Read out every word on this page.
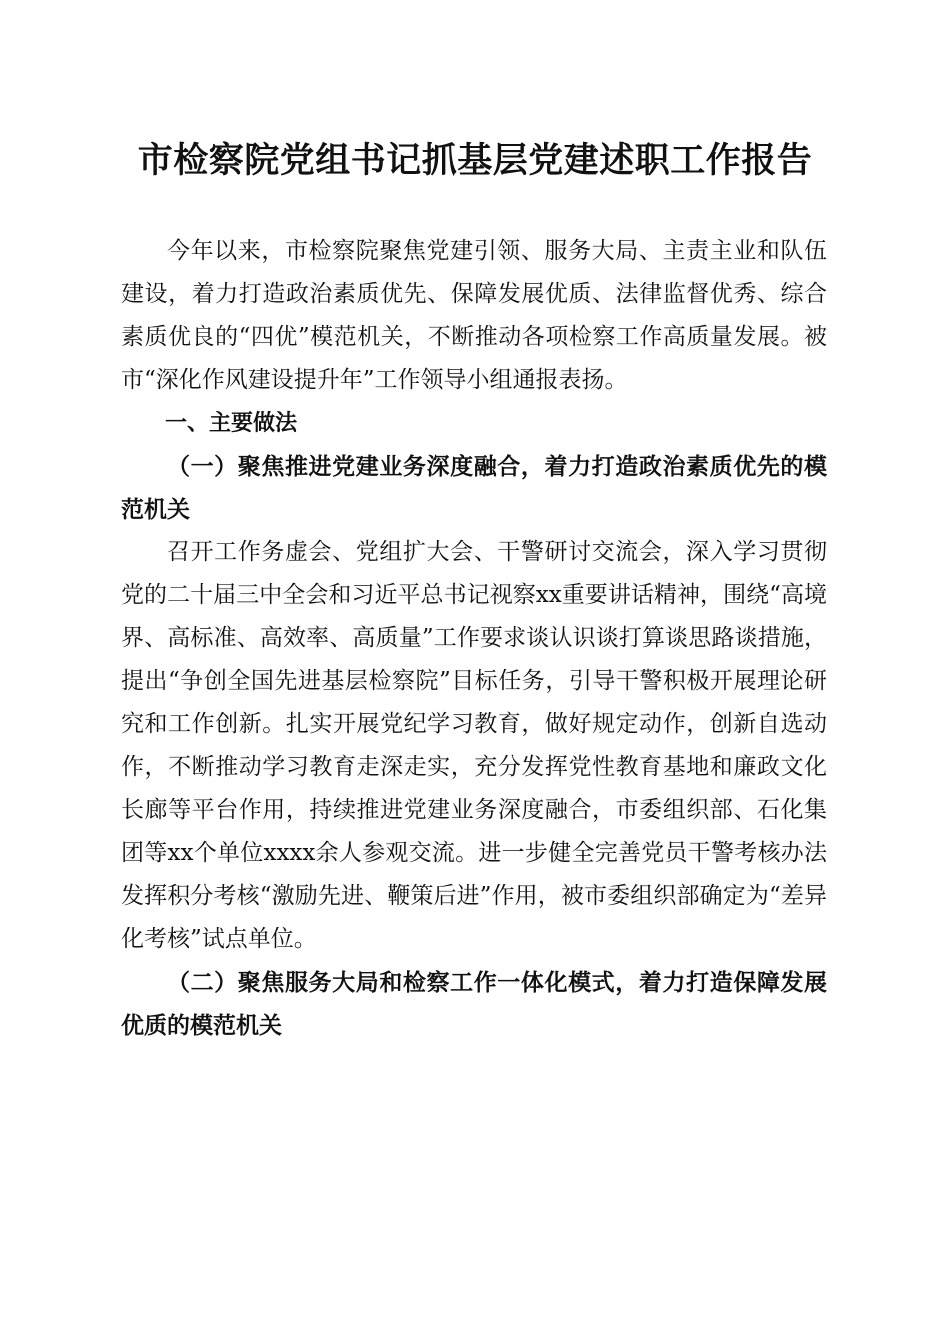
市检察院党组书记抓基层党建述职工作报告

今年以来，市检察院聚焦党建引领、服务大局、主责主业和队伍建设，着力打造政治素质优先、保障发展优质、法律监督优秀、综合素质优良的“四优”模范机关，不断推动各项检察工作高质量发展。被市“深化作风建设提升年”工作领导小组通报表扬。

一、主要做法

（一）聚焦推进党建业务深度融合，着力打造政治素质优先的模范机关

召开工作务虚会、党组扩大会、干警研讨交流会，深入学习贯彻党的二十届三中全会和习近平总书记视察xx重要讲话精神，围绕“高境界、高标准、高效率、高质量”工作要求谈认识谈打算谈思路谈措施，提出“争创全国先进基层检察院”目标任务，引导干警积极开展理论研究和工作创新。扎实开展党纪学习教育，做好规定动作，创新自选动作，不断推动学习教育走深走实，充分发挥党性教育基地和廉政文化长廊等平台作用，持续推进党建业务深度融合，市委组织部、石化集团等xx个单位xxxx余人参观交流。进一步健全完善党员干警考核办法发挥积分考核“激励先进、鞭策后进”作用，被市委组织部确定为“差异化考核”试点单位。

（二）聚焦服务大局和检察工作一体化模式，着力打造保障发展优质的模范机关
